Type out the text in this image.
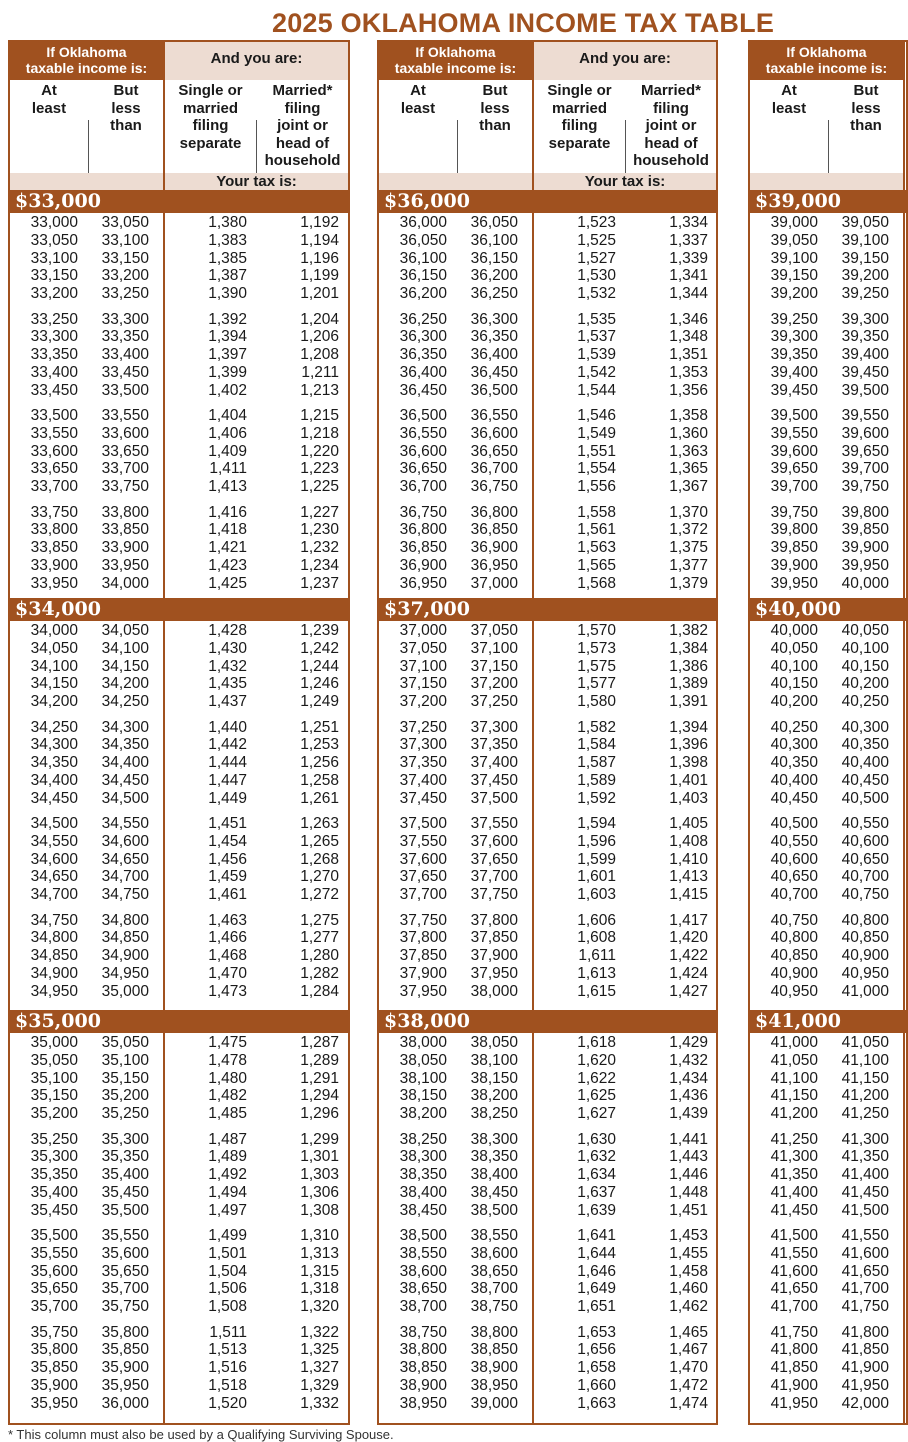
2025 OKLAHOMA INCOME TAX TABLE
If Oklahoma
taxable income is:
And you are:
At
least
But
less
than
Single or
married
filing
separate
Married*
filing
joint or
head of
household
Your tax is:
$33,000
33,000 33,050	1,380	1,192
33,050 33,100	1,383	1,194
33,100 33,150	1,385	1,196
33,150 33,200	1,387	1,199
33,200 33,250	1,390	1,201
33,250 33,300	1,392	1,204
33,300 33,350	1,394	1,206
33,350 33,400	1,397	1,208
33,400 33,450	1,399	1,211
33,450 33,500	1,402	1,213
33,500 33,550	1,404	1,215
33,550 33,600	1,406	1,218
33,600 33,650	1,409	1,220
33,650 33,700	1,411	1,223
33,700 33,750	1,413	1,225
33,750 33,800	1,416	1,227
33,800 33,850	1,418	1,230
33,850 33,900	1,421	1,232
33,900 33,950	1,423	1,234
33,950 34,000	1,425	1,237
$34,000
34,000 34,050	1,428	1,239
34,050 34,100	1,430	1,242
34,100 34,150	1,432	1,244
34,150 34,200	1,435	1,246
34,200 34,250	1,437	1,249
34,250 34,300	1,440	1,251
34,300 34,350	1,442	1,253
34,350 34,400	1,444	1,256
34,400 34,450	1,447	1,258
34,450 34,500	1,449	1,261
34,500 34,550	1,451	1,263
34,550 34,600	1,454	1,265
34,600 34,650	1,456	1,268
34,650 34,700	1,459	1,270
34,700 34,750	1,461	1,272
34,750 34,800	1,463	1,275
34,800 34,850	1,466	1,277
34,850 34,900	1,468	1,280
34,900 34,950	1,470	1,282
34,950 35,000	1,473	1,284
$35,000
35,000 35,050	1,475	1,287
35,050 35,100	1,478	1,289
35,100 35,150	1,480	1,291
35,150 35,200	1,482	1,294
35,200 35,250	1,485	1,296
35,250 35,300	1,487	1,299
35,300 35,350	1,489	1,301
35,350 35,400	1,492	1,303
35,400 35,450	1,494	1,306
35,450 35,500	1,497	1,308
35,500 35,550	1,499	1,310
35,550 35,600	1,501	1,313
35,600 35,650	1,504	1,315
35,650 35,700	1,506	1,318
35,700 35,750	1,508	1,320
35,750 35,800	1,511	1,322
35,800 35,850	1,513	1,325
35,850 35,900	1,516	1,327
35,900 35,950	1,518	1,329
35,950 36,000	1,520	1,332
If Oklahoma
taxable income is:
And you are:
At
least
But
less
than
Single or
married
filing
separate
Married*
filing
joint or
head of
household
Your tax is:
$36,000
36,000 36,050	1,523	1,334
36,050 36,100	1,525	1,337
36,100 36,150	1,527	1,339
36,150 36,200	1,530	1,341
36,200 36,250	1,532	1,344
36,250 36,300	1,535	1,346
36,300 36,350	1,537	1,348
36,350 36,400	1,539	1,351
36,400 36,450	1,542	1,353
36,450 36,500	1,544	1,356
36,500 36,550	1,546	1,358
36,550 36,600	1,549	1,360
36,600 36,650	1,551	1,363
36,650 36,700	1,554	1,365
36,700 36,750	1,556	1,367
36,750 36,800	1,558	1,370
36,800 36,850	1,561	1,372
36,850 36,900	1,563	1,375
36,900 36,950	1,565	1,377
36,950 37,000	1,568	1,379
$37,000
37,000 37,050	1,570	1,382
37,050 37,100	1,573	1,384
37,100 37,150	1,575	1,386
37,150 37,200	1,577	1,389
37,200 37,250	1,580	1,391
37,250 37,300	1,582	1,394
37,300 37,350	1,584	1,396
37,350 37,400	1,587	1,398
37,400 37,450	1,589	1,401
37,450 37,500	1,592	1,403
37,500 37,550	1,594	1,405
37,550 37,600	1,596	1,408
37,600 37,650	1,599	1,410
37,650 37,700	1,601	1,413
37,700 37,750	1,603	1,415
37,750 37,800	1,606	1,417
37,800 37,850	1,608	1,420
37,850 37,900	1,611	1,422
37,900 37,950	1,613	1,424
37,950 38,000	1,615	1,427
$38,000
38,000 38,050	1,618	1,429
38,050 38,100	1,620	1,432
38,100 38,150	1,622	1,434
38,150 38,200	1,625	1,436
38,200 38,250	1,627	1,439
38,250 38,300	1,630	1,441
38,300 38,350	1,632	1,443
38,350 38,400	1,634	1,446
38,400 38,450	1,637	1,448
38,450 38,500	1,639	1,451
38,500 38,550	1,641	1,453
38,550 38,600	1,644	1,455
38,600 38,650	1,646	1,458
38,650 38,700	1,649	1,460
38,700 38,750	1,651	1,462
38,750 38,800	1,653	1,465
38,800 38,850	1,656	1,467
38,850 38,900	1,658	1,470
38,900 38,950	1,660	1,472
38,950 39,000	1,663	1,474
If Oklahoma
taxable income is:
At
least
But
less
than
$39,000
39,000 39,050
39,050 39,100
39,100 39,150
39,150 39,200
39,200 39,250
39,250 39,300
39,300 39,350
39,350 39,400
39,400 39,450
39,450 39,500
39,500 39,550
39,550 39,600
39,600 39,650
39,650 39,700
39,700 39,750
39,750 39,800
39,800 39,850
39,850 39,900
39,900 39,950
39,950 40,000
$40,000
40,000 40,050
40,050 40,100
40,100 40,150
40,150 40,200
40,200 40,250
40,250 40,300
40,300 40,350
40,350 40,400
40,400 40,450
40,450 40,500
40,500 40,550
40,550 40,600
40,600 40,650
40,650 40,700
40,700 40,750
40,750 40,800
40,800 40,850
40,850 40,900
40,900 40,950
40,950 41,000
$41,000
41,000 41,050
41,050 41,100
41,100 41,150
41,150 41,200
41,200 41,250
41,250 41,300
41,300 41,350
41,350 41,400
41,400 41,450
41,450 41,500
41,500 41,550
41,550 41,600
41,600 41,650
41,650 41,700
41,700 41,750
41,750 41,800
41,800 41,850
41,850 41,900
41,900 41,950
41,950 42,000
* This column must also be used by a Qualifying Surviving Spouse.
